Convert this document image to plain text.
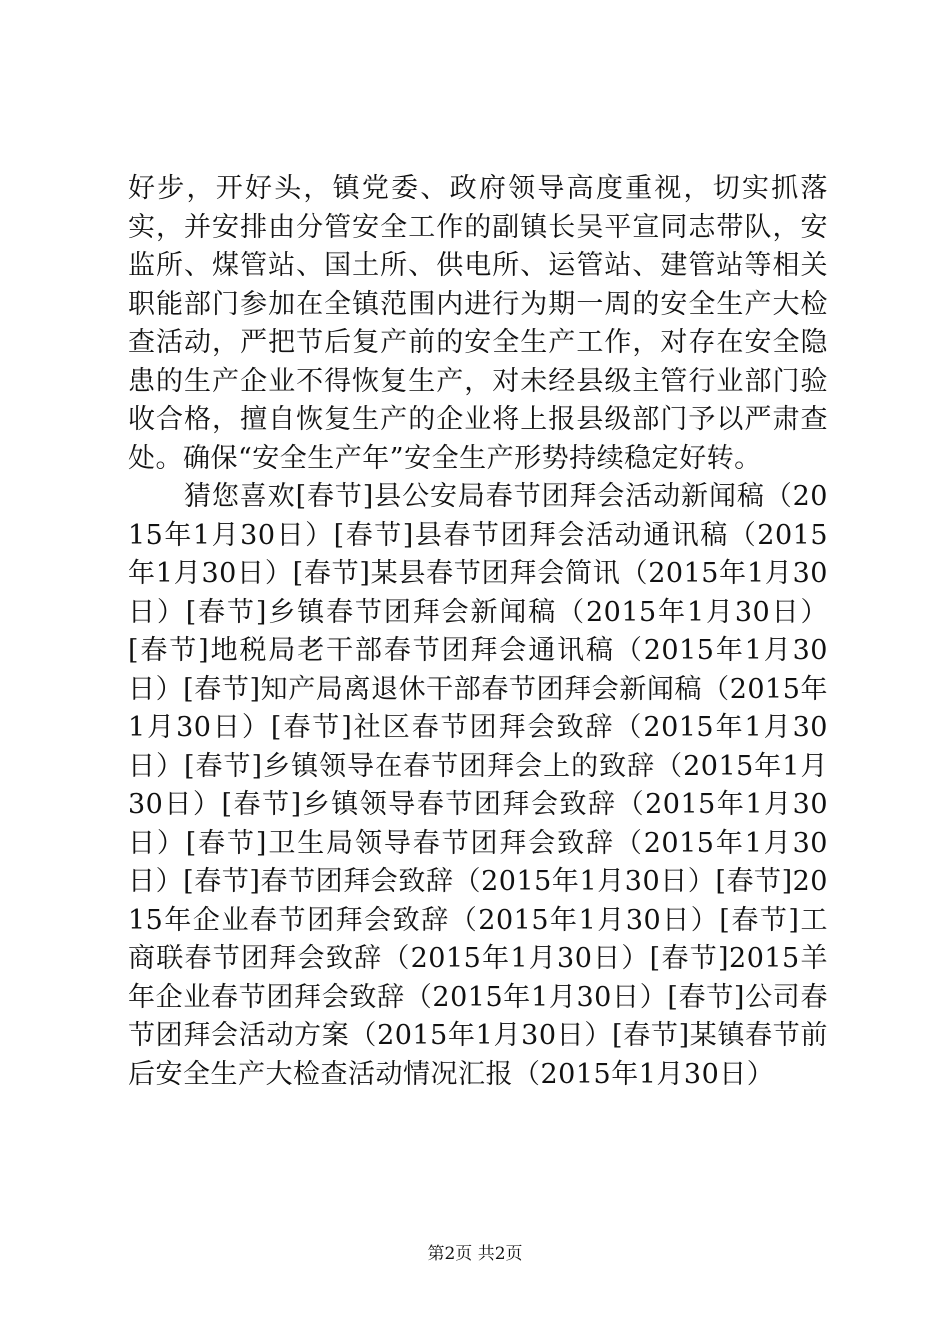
好步，开好头，镇党委、政府领导高度重视，切实抓落实，并安排由分管安全工作的副镇长吴平宣同志带队，安监所、煤管站、国土所、供电所、运管站、建管站等相关职能部门参加在全镇范围内进行为期一周的安全生产大检查活动，严把节后复产前的安全生产工作，对存在安全隐患的生产企业不得恢复生产，对未经县级主管行业部门验收合格，擅自恢复生产的企业将上报县级部门予以严肃查处。确保“安全生产年”安全生产形势持续稳定好转。

猜您喜欢[春节]县公安局春节团拜会活动新闻稿（2015年1月30日）[春节]县春节团拜会活动通讯稿（2015年1月30日）[春节]某县春节团拜会简讯（2015年1月30日）[春节]乡镇春节团拜会新闻稿（2015年1月30日）[春节]地税局老干部春节团拜会通讯稿（2015年1月30日）[春节]知产局离退休干部春节团拜会新闻稿（2015年1月30日）[春节]社区春节团拜会致辞（2015年1月30日）[春节]乡镇领导在春节团拜会上的致辞（2015年1月30日）[春节]乡镇领导春节团拜会致辞（2015年1月30日）[春节]卫生局领导春节团拜会致辞（2015年1月30日）[春节]春节团拜会致辞（2015年1月30日）[春节]2015年企业春节团拜会致辞（2015年1月30日）[春节]工商联春节团拜会致辞（2015年1月30日）[春节]2015羊年企业春节团拜会致辞（2015年1月30日）[春节]公司春节团拜会活动方案（2015年1月30日）[春节]某镇春节前后安全生产大检查活动情况汇报（2015年1月30日）

第2页 共2页
